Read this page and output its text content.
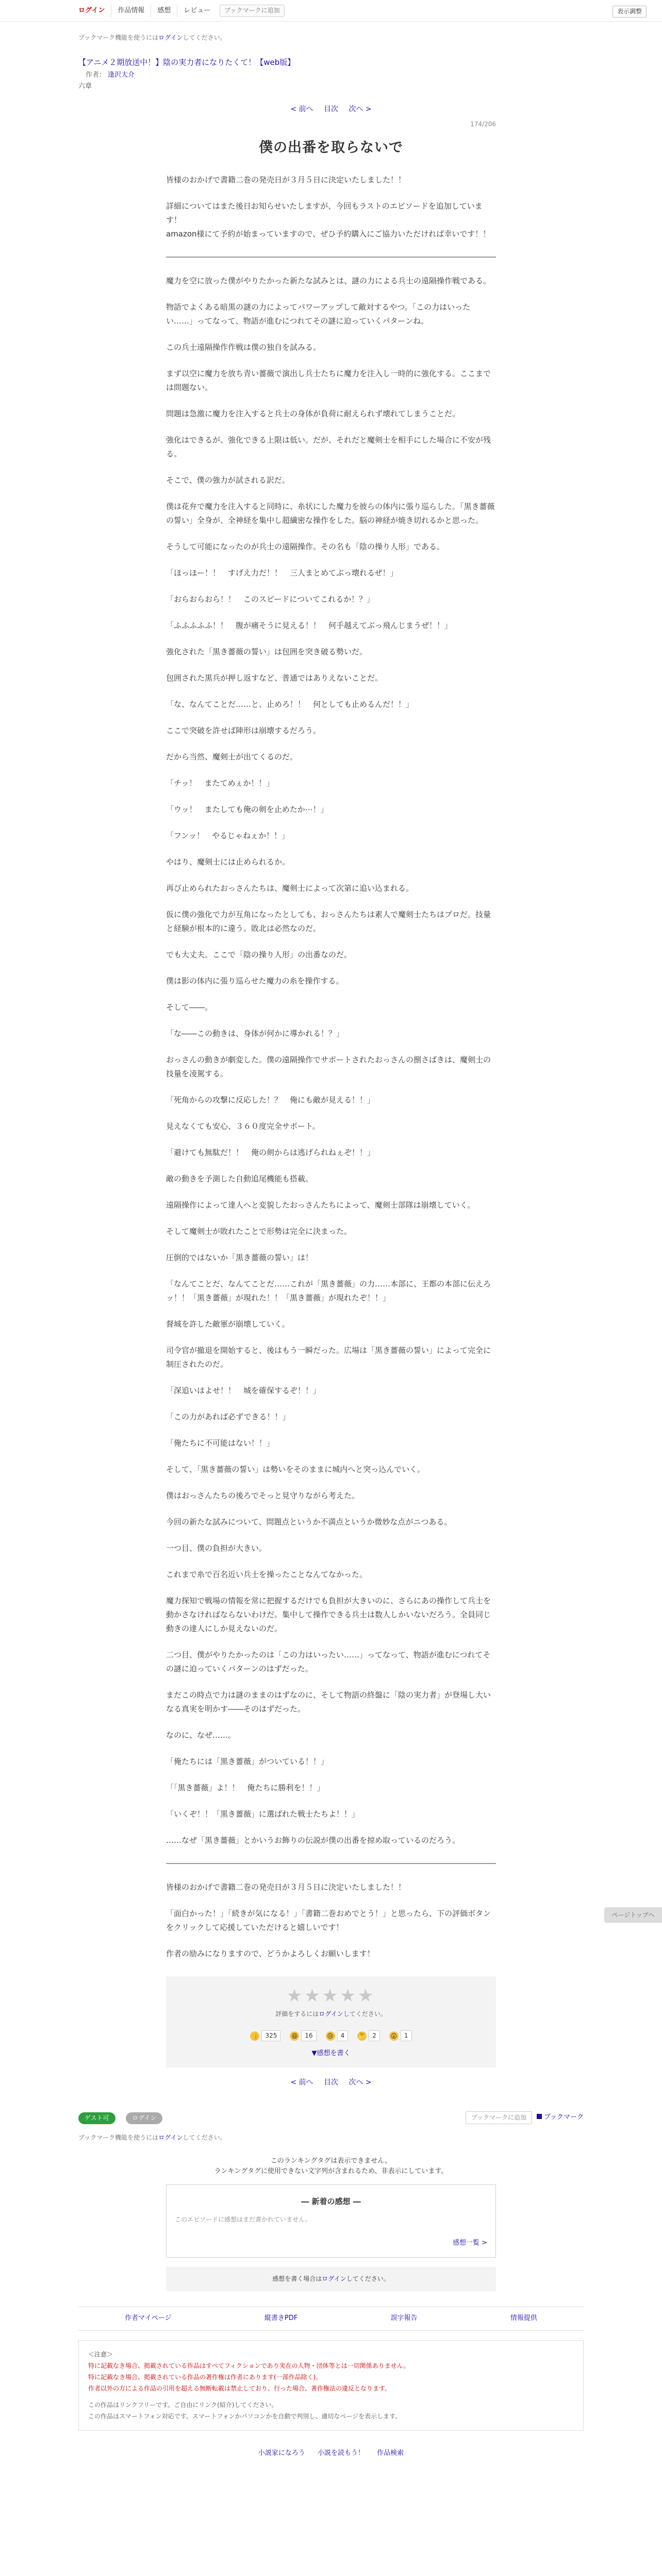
ログイン	作品情報	感想	レビュー	ブックマークに追加	表示調整
ブックマーク機能を使うにはログインしてください。
【アニメ２期放送中！】陰の実力者になりたくて！【web版】
作者： 逢沢大介
六章
< 前へ 目次 次へ >
174/206
僕の出番を取らないで

皆様のおかげで書籍二巻の発売日が３月５日に決定いたしました！！

詳細についてはまた後日お知らせいたしますが、今回もラストのエピソードを追加しています！
amazon様にて予約が始まっていますので、ぜひ予約購入にご協力いただければ幸いです！！

魔力を空に放った僕がやりたかった新たな試みとは、謎の力による兵士の遠隔操作戦である。

物語でよくある暗黒の謎の力によってパワーアップして敵対するやつ。「この力はいったい……」ってなって、物語が進むにつれてその謎に迫っていくパターンね。

この兵士遠隔操作作戦は僕の独自を試みる。

まず以空に魔力を放ち青い薔薇で演出し兵士たちに魔力を注入し一時的に強化する。ここまでは問題ない。

問題は急激に魔力を注入すると兵士の身体が負荷に耐えられず壊れてしまうことだ。

強化はできるが、強化できる上限は低い。だが、それだと魔剣士を相手にした場合に不安が残る。

そこで、僕の強力が試される訳だ。

僕は花弁で魔力を注入すると同時に、糸状にした魔力を彼らの体内に張り巡らした。「黒き薔薇の誓い」全身が、全神経を集中し超繊密な操作をした。脳の神経が焼き切れるかと思った。

そうして可能になったのが兵士の遠隔操作。その名も「陰の操り人形」である。

「ほっほー！！　すげえ力だ！！　三人まとめてぶっ壊れるぜ！」

「おらおらおら！！　このスピードについてこれるか！？」

「ふふふふふ！！　腹が痛そうに見える！！　何手越えてぶっ飛んじまうぜ！！」

強化された「黒き薔薇の誓い」は包囲を突き破る勢いだ。

包囲された黒兵が押し返すなど、普通ではありえないことだ。

「な、なんてことだ……と、止めろ！！　何としても止めるんだ！！」

ここで突破を許せば陣形は崩壊するだろう。

だから当然、魔剣士が出てくるのだ。

「チッ！　またてめぇか！！」

「ウッ！　またしても俺の剣を止めたか⋯！」

「フンッ！　やるじゃねぇか！！」

やはり、魔剣士には止められるか。

再び止められたおっさんたちは、魔剣士によって次第に追い込まれる。

仮に僕の強化で力が互角になったとしても、おっさんたちは素人で魔剣士たちはプロだ。技量と経験が根本的に違う。敗北は必然なのだ。

でも大丈夫。ここで「陰の操り人形」の出番なのだ。

僕は影の体内に張り巡らせた魔力の糸を操作する。

そして――。

「な――この動きは、身体が何かに導かれる！？」

おっさんの動きが劇変した。僕の遠隔操作でサポートされたおっさんの捌さばきは、魔剣士の技量を凌駕する。

「死角からの攻撃に反応した！？　俺にも敵が見える！！」

見えなくても安心、３６０度完全サポート。

「避けても無駄だ！！　俺の剣からは逃げられねぇぞ！！」

敵の動きを予測した自動追尾機能も搭載。

遠隔操作によって達人へと変貌したおっさんたちによって、魔剣士部隊は崩壊していく。

そして魔剣士が敗れたことで形勢は完全に決まった。

圧倒的ではないか「黒き薔薇の誓い」は！

「なんてことだ、なんてことだ……これが「黒き薔薇」の力……本部に、王都の本部に伝えろッ！！「黒き薔薇」が現れた！！「黒き薔薇」が現れたぞ！！」

督城を許した敵軍が崩壊していく。

司令官が撤退を開始すると、後はもう一瞬だった。広場は「黒き薔薇の誓い」によって完全に制圧されたのだ。

「深追いはよせ！！　城を確保するぞ！！」

「この力があれば必ずできる！！」

「俺たちに不可能はない！！」

そして、「黒き薔薇の誓い」は勢いをそのままに城内へと突っ込んでいく。

僕はおっさんたちの後ろでそっと見守りながら考えた。

今回の新たな試みについて、問題点というか不満点というか微妙な点がニつある。

一つ目、僕の負担が大きい。

これまで糸で百名近い兵士を操ったことなんてなかった。

魔力探知で戦場の情報を常に把握するだけでも負担が大きいのに、さらにあの操作して兵士を動かさなければならないわけだ。集中して操作できる兵士は数人しかいないだろう。全員同じ動きの達人にしか見えないのだ。

二つ目、僕がやりたかったのは「この力はいったい……」ってなって、物語が進むにつれてその謎に迫っていくパターンのはずだった。

まだこの時点で力は謎のままのはずなのに、そして物語の終盤に「陰の実力者」が登場し大いなる真実を明かす――そのはずだった。

なのに、なぜ……。

「俺たちには「黒き薔薇」がついている！！」

「「黒き薔薇」よ！！　俺たちに勝利を！！」

「いくぞ！！「黒き薔薇」に選ばれた戦士たちよ！！」

……なぜ「黒き薔薇」とかいうお飾りの伝説が僕の出番を掠め取っているのだろう。

皆様のおかげで書籍二巻の発売日が３月５日に決定いたしました！！

「面白かった！」「続きが気になる！」「書籍二巻おめでとう！」と思ったら、下の評価ボタンをクリックして応援していただけると嬉しいです！

作者の励みになりますので、どうかよろしくお願いします！

★★★★★
評価をするにはログインしてください。
👍	325	😆	16	😢	4	🤔	2	😮	1
▼感想を書く
< 前へ 目次 次へ >
ゲスト可	ログイン	ブックマークに追加	ブックマーク
ブックマーク機能を使うにはログインしてください。
このランキングタグは表示できません。
ランキングタグに使用できない文字列が含まれるため、非表示にしています。
― 新着の感想 ―
このエピソードに感想はまだ書かれていません。
感想一覧 >
感想を書く場合はログインしてください。
作者マイページ	縦書きPDF	誤字報告	情報提供
＜注意＞
特に記載なき場合、掲載されている作品はすべてフィクションであり実在の人物・団体等とは一切関係ありません。
特に記載なき場合、掲載されている作品の著作権は作者にあります(一部作品除く)。
作者以外の方による作品の引用を超える無断転載は禁止しており、行った場合、著作権法の違反となります。
この作品はリンクフリーです。ご自由にリンク(紹介)してください。
この作品はスマートフォン対応です。スマートフォンかパソコンかを自動で判別し、適切なページを表示します。
小説家になろう 小説を読もう！ 作品検索
ページトップへ
